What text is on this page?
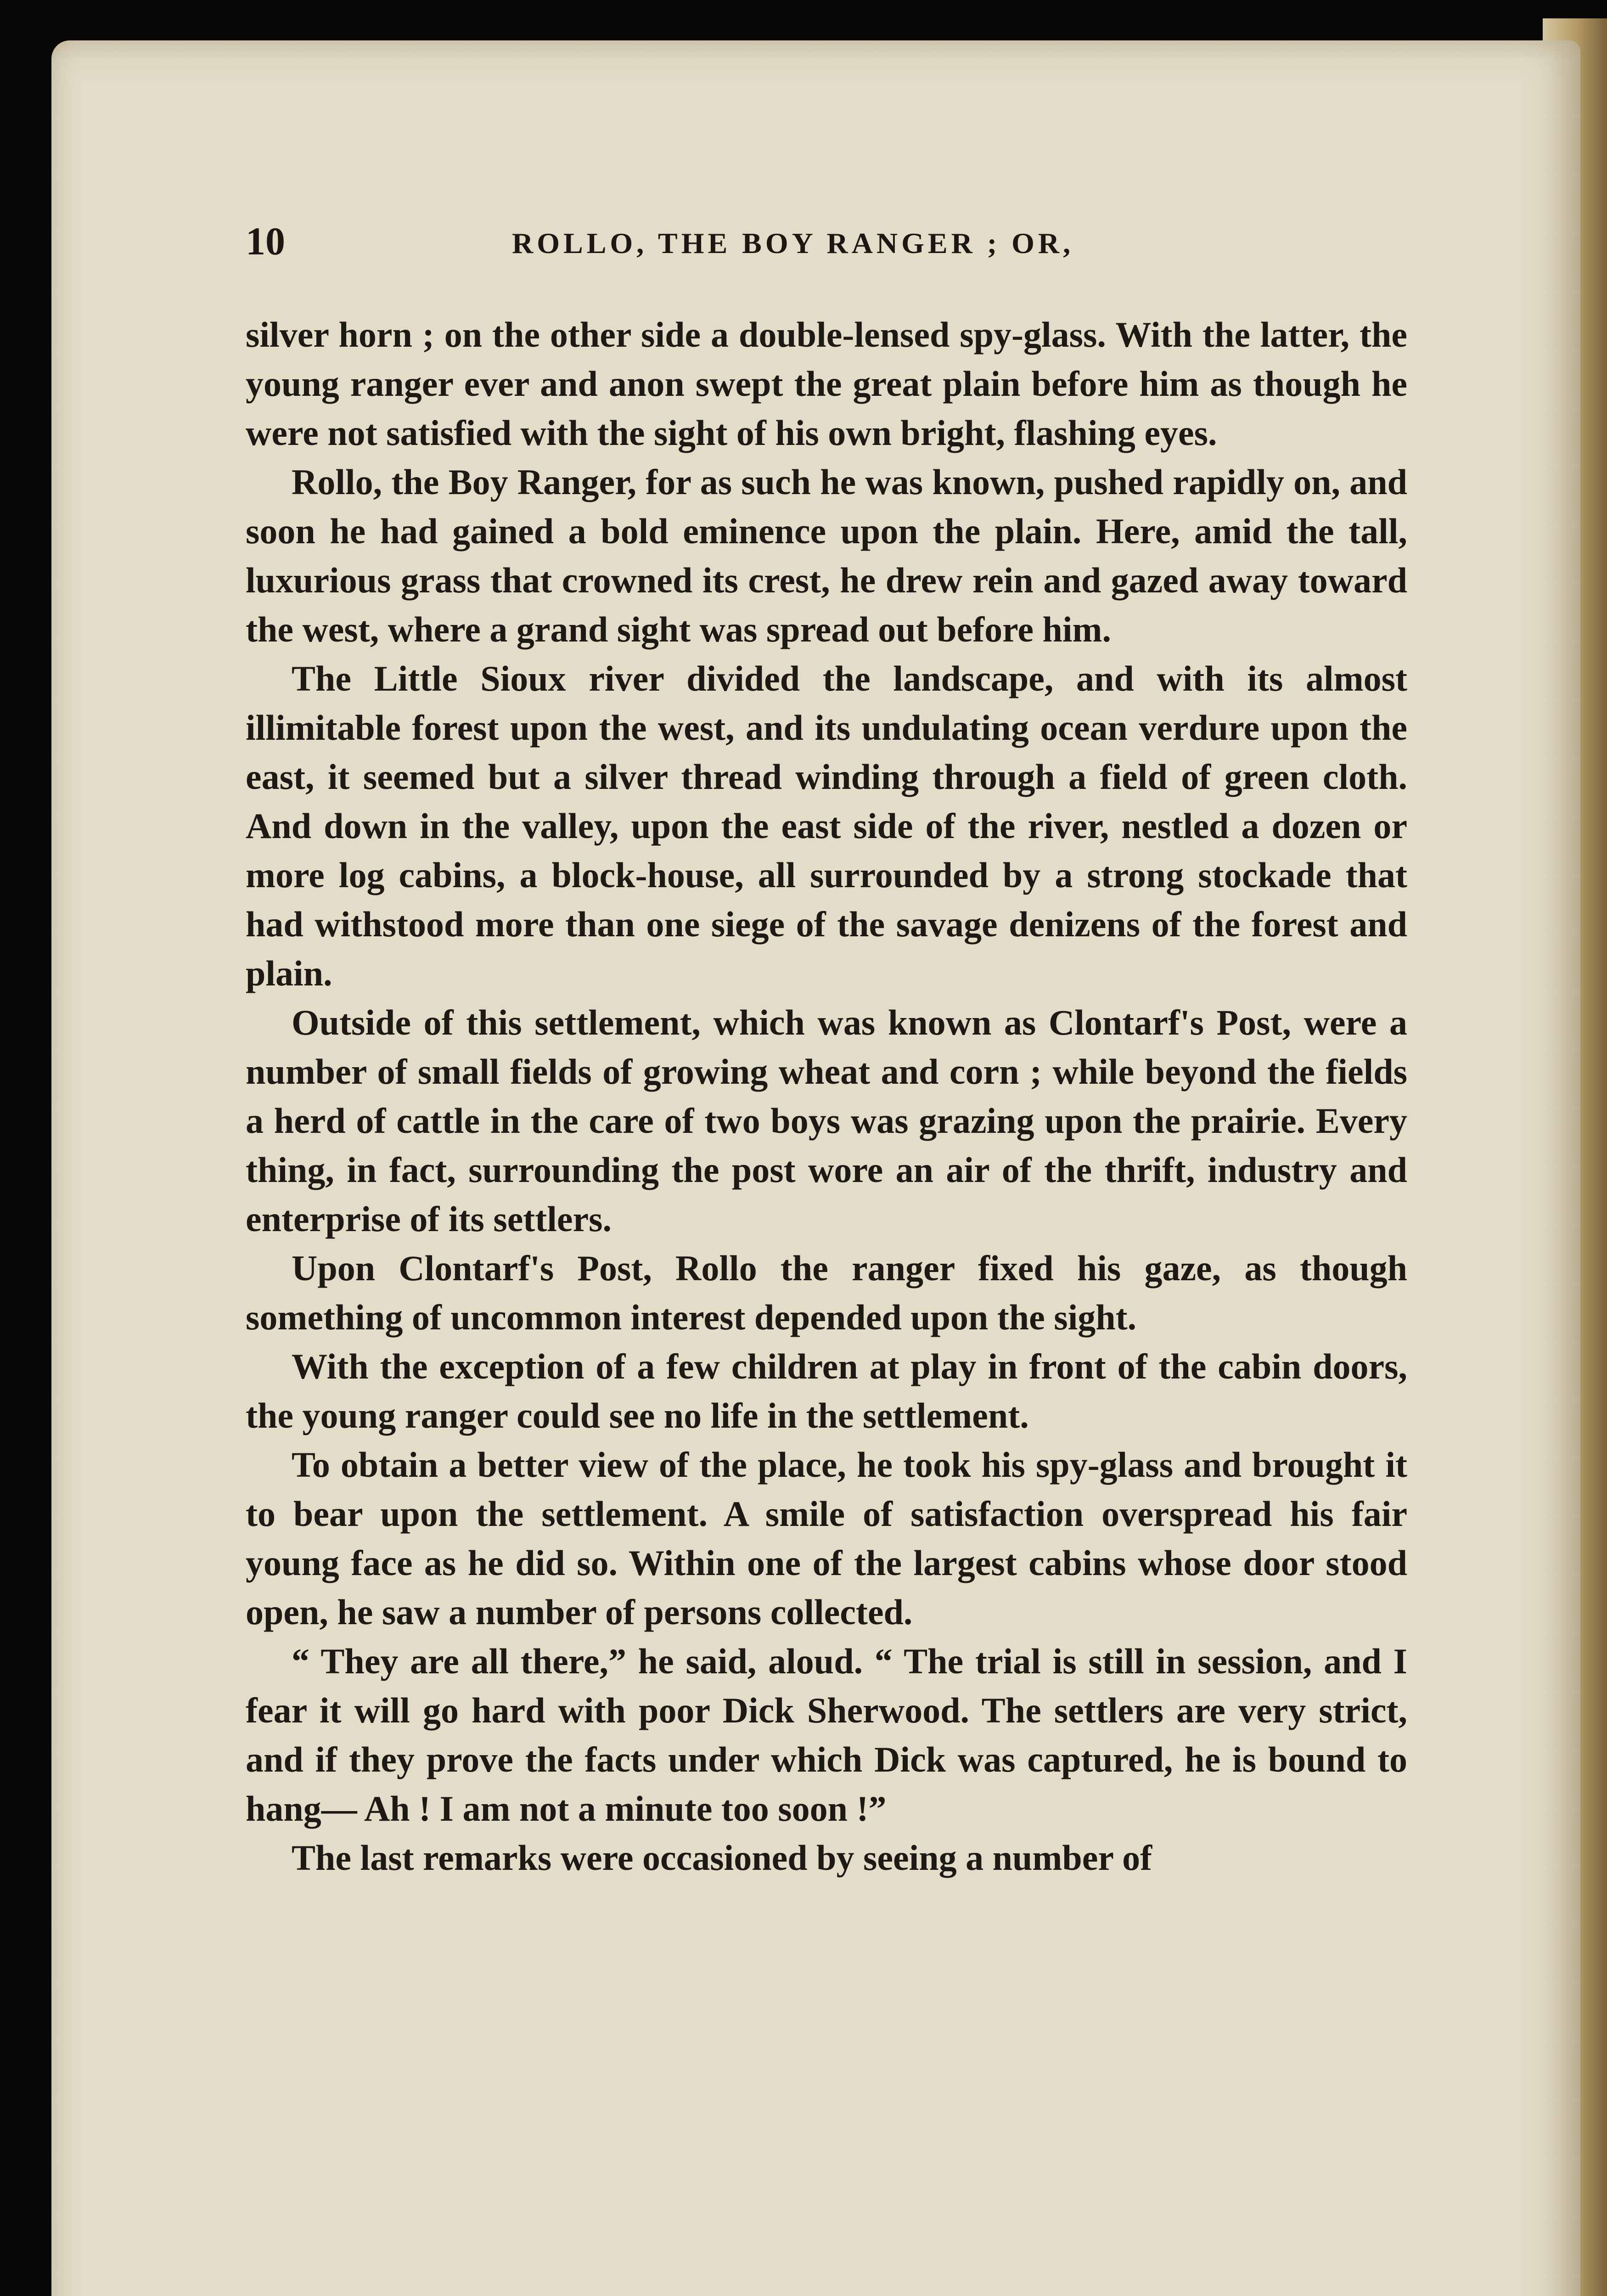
10	ROLLO, THE BOY RANGER ; OR,

silver horn ; on the other side a double-lensed spy-glass. With the latter, the young ranger ever and anon swept the great plain before him as though he were not satisfied with the sight of his own bright, flashing eyes.

Rollo, the Boy Ranger, for as such he was known, pushed rapidly on, and soon he had gained a bold eminence upon the plain. Here, amid the tall, luxurious grass that crowned its crest, he drew rein and gazed away toward the west, where a grand sight was spread out before him.

The Little Sioux river divided the landscape, and with its almost illimitable forest upon the west, and its undulating ocean verdure upon the east, it seemed but a silver thread winding through a field of green cloth. And down in the valley, upon the east side of the river, nestled a dozen or more log cabins, a block-house, all surrounded by a strong stockade that had withstood more than one siege of the savage denizens of the forest and plain.

Outside of this settlement, which was known as Clontarf's Post, were a number of small fields of growing wheat and corn ; while beyond the fields a herd of cattle in the care of two boys was grazing upon the prairie. Every thing, in fact, surrounding the post wore an air of the thrift, industry and enterprise of its settlers.

Upon Clontarf's Post, Rollo the ranger fixed his gaze, as though something of uncommon interest depended upon the sight.

With the exception of a few children at play in front of the cabin doors, the young ranger could see no life in the settlement.

To obtain a better view of the place, he took his spy-glass and brought it to bear upon the settlement. A smile of satisfaction overspread his fair young face as he did so. Within one of the largest cabins whose door stood open, he saw a number of persons collected.

“ They are all there,” he said, aloud. “ The trial is still in session, and I fear it will go hard with poor Dick Sherwood. The settlers are very strict, and if they prove the facts under which Dick was captured, he is bound to hang— Ah ! I am not a minute too soon !”

The last remarks were occasioned by seeing a number of
